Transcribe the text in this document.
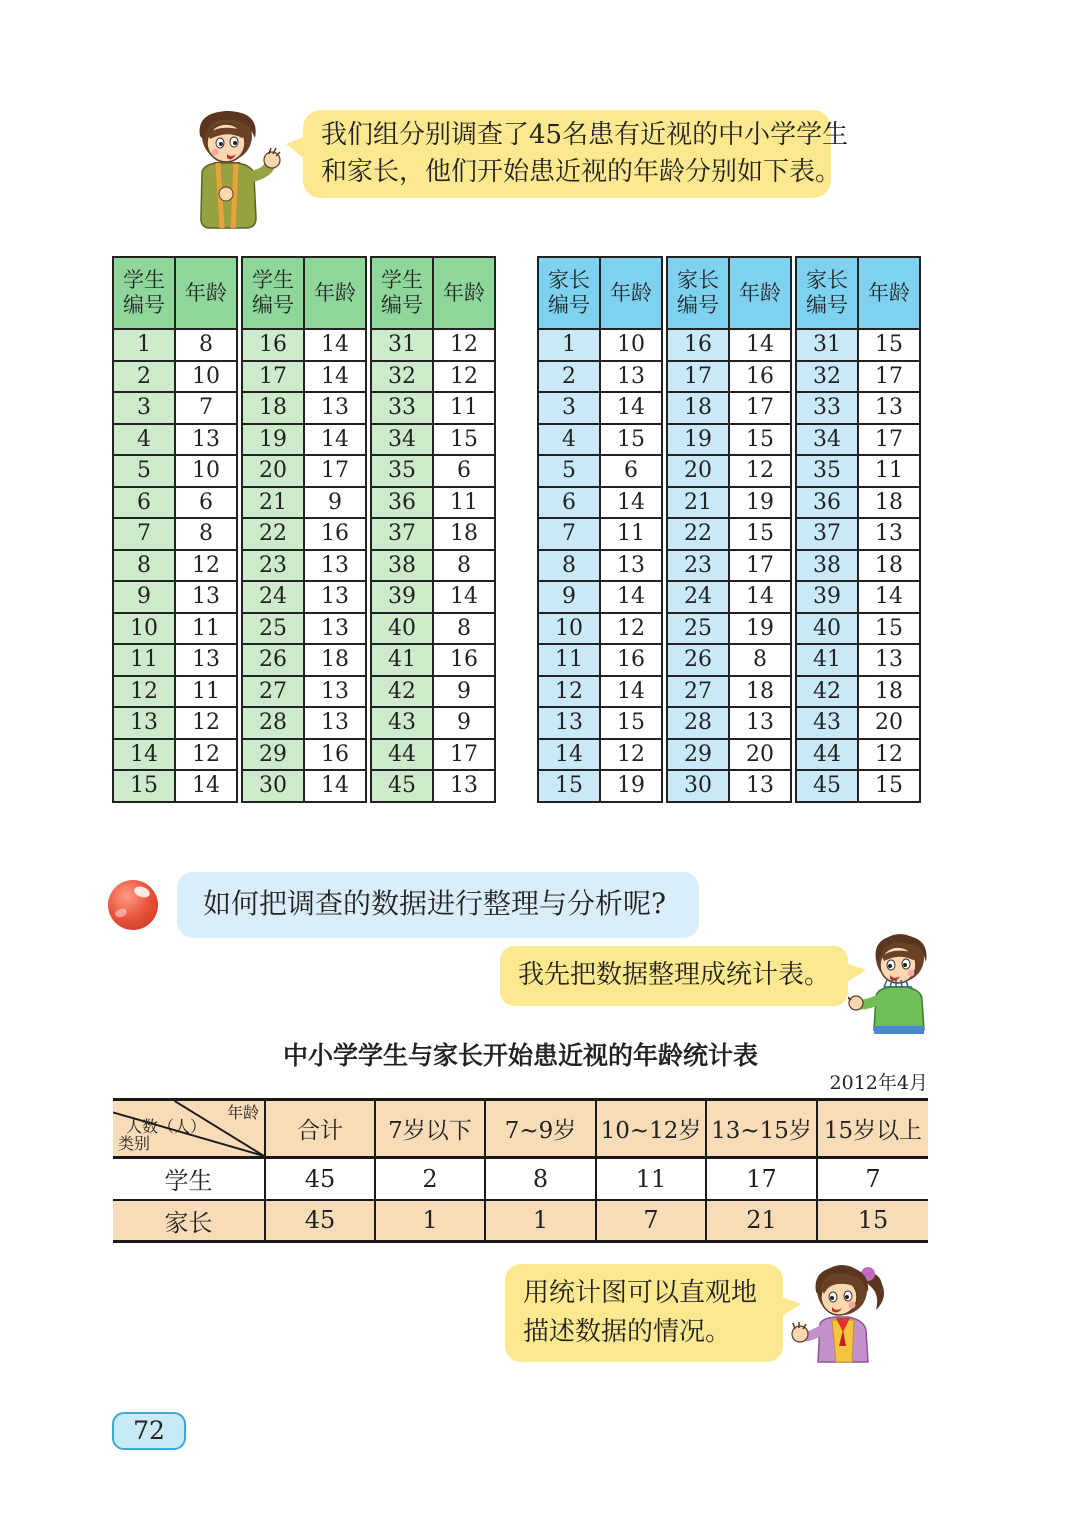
我们组分别调查了45名患有近视的中小学学生
和家长，他们开始患近视的年龄分别如下表。
学生
编号	年龄
1	8
2	10
3	7
4	13
5	10
6	6
7	8
8	12
9	13
10	11
11	13
12	11
13	12
14	12
15	14
学生
编号	年龄
16	14
17	14
18	13
19	14
20	17
21	9
22	16
23	13
24	13
25	13
26	18
27	13
28	13
29	16
30	14
学生
编号	年龄
31	12
32	12
33	11
34	15
35	6
36	11
37	18
38	8
39	14
40	8
41	16
42	9
43	9
44	17
45	13
家长
编号	年龄
1	10
2	13
3	14
4	15
5	6
6	14
7	11
8	13
9	14
10	12
11	16
12	14
13	15
14	12
15	19
家长
编号	年龄
16	14
17	16
18	17
19	15
20	12
21	19
22	15
23	17
24	14
25	19
26	8
27	18
28	13
29	20
30	13
家长
编号	年龄
31	15
32	17
33	13
34	17
35	11
36	18
37	13
38	18
39	14
40	15
41	13
42	18
43	20
44	12
45	15
如何把调查的数据进行整理与分析呢?
我先把数据整理成统计表。
中小学学生与家长开始患近视的年龄统计表
2012年4月
年龄
人数（人）
类别	合计	7岁以下	7~9岁	10~12岁	13~15岁	15岁以上
学生	45	2	8	11	17	7
家长	45	1	1	7	21	15
用统计图可以直观地
描述数据的情况。
72
